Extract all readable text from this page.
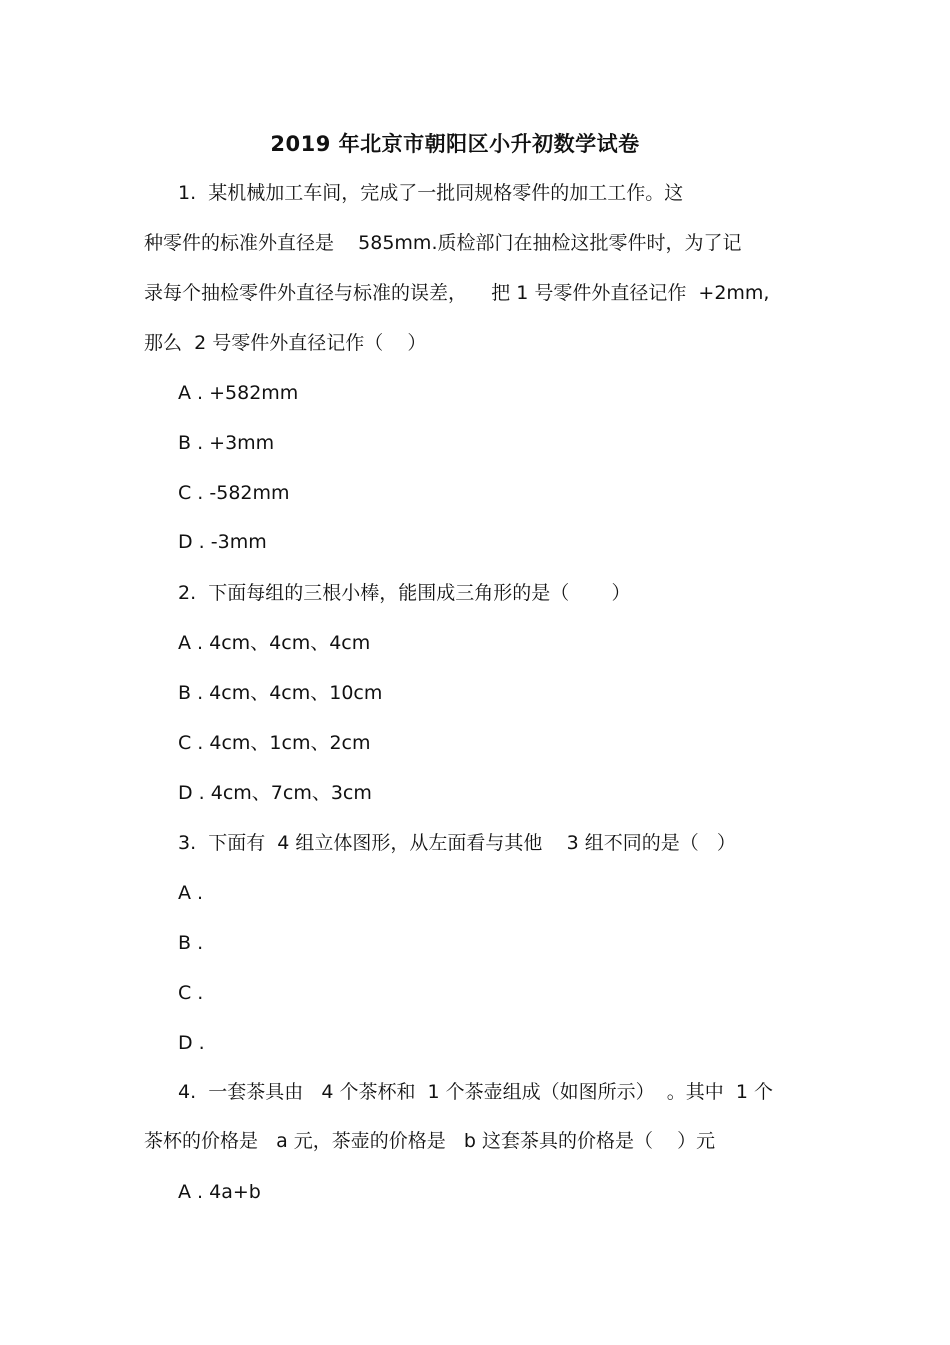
2019 年北京市朝阳区小升初数学试卷
1.  某机械加工车间，完成了一批同规格零件的加工工作。这
种零件的标准外直径是    585mm.质检部门在抽检这批零件时，为了记
录每个抽检零件外直径与标准的误差，    把 1 号零件外直径记作  +2mm,
那么  2 号零件外直径记作（    ）
A . +582mm
B . +3mm
C . -582mm
D . -3mm
2.  下面每组的三根小棒，能围成三角形的是（       ）
A . 4cm、4cm、4cm
B . 4cm、4cm、10cm
C . 4cm、1cm、2cm
D . 4cm、7cm、3cm
3.  下面有  4 组立体图形，从左面看与其他    3 组不同的是（   ）
A .
B .
C .
D .
4.  一套茶具由   4 个茶杯和  1 个茶壶组成（如图所示）  。其中  1 个
茶杯的价格是   a 元，茶壶的价格是   b 这套茶具的价格是（    ）元
A . 4a+b
